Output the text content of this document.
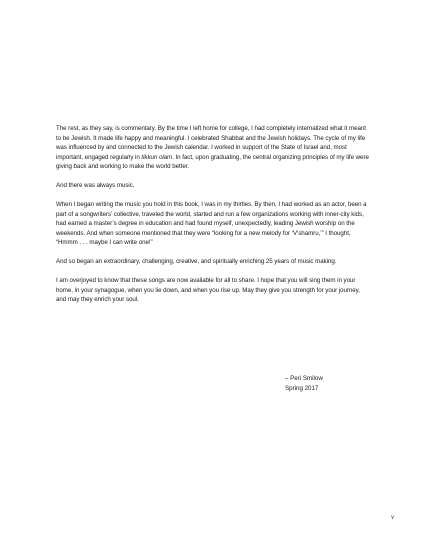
The rest, as they say, is commentary. By the time I left home for college, I had completely internalized what it meant to be Jewish. It made life happy and meaningful. I celebrated Shabbat and the Jewish holidays. The cycle of my life was influenced by and connected to the Jewish calendar. I worked in support of the State of Israel and, most important, engaged regularly in tikkun olam. In fact, upon graduating, the central organizing principles of my life were giving back and working to make the world better.

And there was always music.

When I began writing the music you hold in this book, I was in my thirties. By then, I had worked as an actor, been a part of a songwriters’ collective, traveled the world, started and run a few organizations working with inner-city kids, had earned a master’s degree in education and had found myself, unexpectedly, leading Jewish worship on the weekends. And when someone mentioned that they were “looking for a new melody for ‘V’shamru,’” I thought, “Hmmm . . . maybe I can write one!”

And so began an extraordinary, challenging, creative, and spiritually enriching 25 years of music making.

I am overjoyed to know that these songs are now available for all to share. I hope that you will sing them in your home, in your synagogue, when you lie down, and when you rise up. May they give you strength for your journey, and may they enrich your soul.

– Peri Smilow
Spring 2017
v
